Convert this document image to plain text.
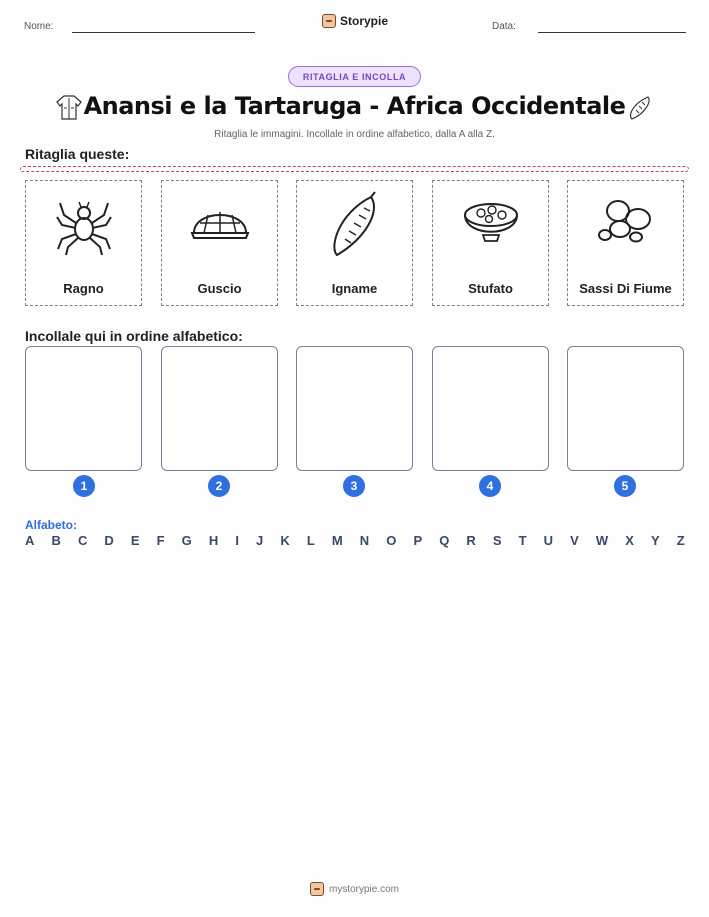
Nome:	Storypie	Data:
RITAGLIA E INCOLLA
Anansi e la Tartaruga - Africa Occidentale
Ritaglia le immagini. Incollale in ordine alfabetico, dalla A alla Z.
Ritaglia queste:
Ragno	Guscio	Igname	Stufato	Sassi Di Fiume
Incollale qui in ordine alfabetico:
1	2	3	4	5
Alfabeto:
A B C D E F G H I J K L M N O P Q R S T U V W X Y Z
mystorypie.com
